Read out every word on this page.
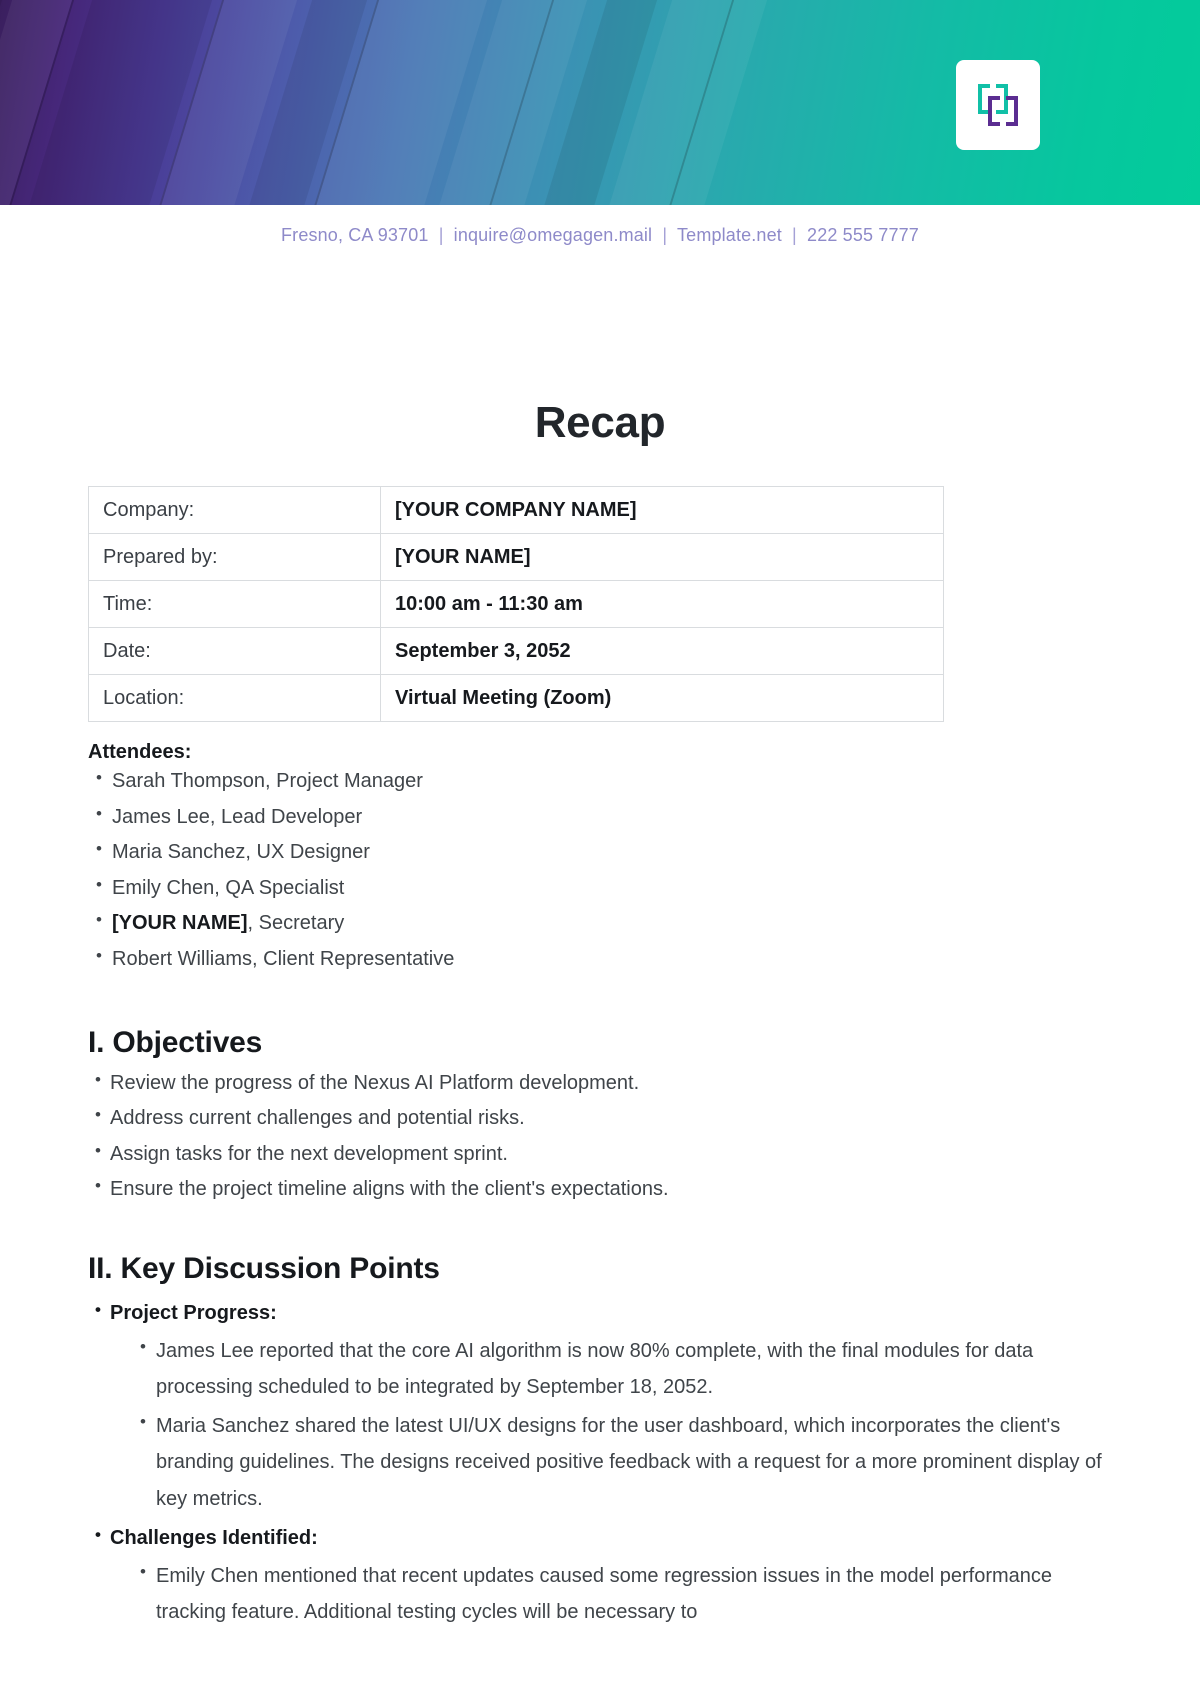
Fresno, CA 93701 | inquire@omegagen.mail | Template.net | 222 555 7777
Recap
Company:	[YOUR COMPANY NAME]
Prepared by:	[YOUR NAME]
Time:	10:00 am - 11:30 am
Date:	September 3, 2052
Location:	Virtual Meeting (Zoom)
Attendees:
• Sarah Thompson, Project Manager
• James Lee, Lead Developer
• Maria Sanchez, UX Designer
• Emily Chen, QA Specialist
• [YOUR NAME], Secretary
• Robert Williams, Client Representative
I. Objectives
• Review the progress of the Nexus AI Platform development.
• Address current challenges and potential risks.
• Assign tasks for the next development sprint.
• Ensure the project timeline aligns with the client's expectations.
II. Key Discussion Points
• Project Progress:
• James Lee reported that the core AI algorithm is now 80% complete, with the final modules for data processing scheduled to be integrated by September 18, 2052.
• Maria Sanchez shared the latest UI/UX designs for the user dashboard, which incorporates the client's branding guidelines. The designs received positive feedback with a request for a more prominent display of key metrics.
• Challenges Identified:
• Emily Chen mentioned that recent updates caused some regression issues in the model performance tracking feature. Additional testing cycles will be necessary to
